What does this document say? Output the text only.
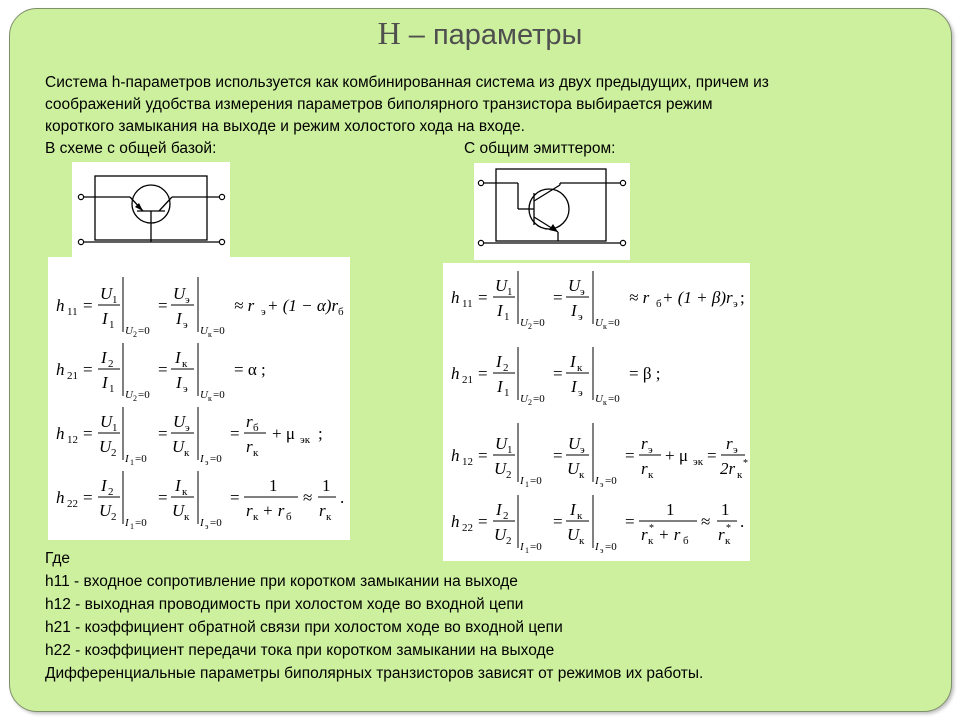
H – параметры
Система h-параметров используется как комбинированная система из двух предыдущих, причем из
соображений удобства измерения параметров биполярного транзистора выбирается режим
короткого замыкания на выходе и режим холостого хода на входе.
В схеме с общей базой:	С общим эмиттером:
h 11 =
U 1
I 1 U 2 =0
=
U э
I э U к =0
≈ r э + (1 − α)r б
h 21 =
I 2
I 1 U 2 =0
=
I к
I э U к =0
= α ;
h 12 =
U 1
U 2 I 1 =0
=
U э
U к I э =0
=
r б
r к
+ μ эк ;
h 22 =
I 2
U 2 I 1 =0
=
I к
U к I э =0
=
1
r к + r б
≈
1
r к
.
h 11 =
U 1
I 1 U 2 =0
=
U э
I э U к =0
≈ r б + (1 + β)r э ;
h 21 =
I 2
I 1 U 2 =0
=
I к
I э U к =0
= β ;
h 12 =
U 1
U 2 I 1 =0
=
U э
U к I э =0
=
r э
r к
+ μ эк =
r э
2r к
*
h 22 =
I 2
U 2 I 1 =0
=
I к
U к I э =0
=
1
r к
* + r б
≈
1
r к
* .
Где
h11 - входное сопротивление при коротком замыкании на выходе
h12 - выходная проводимость при холостом ходе во входной цепи
h21 - коэффициент обратной связи при холостом ходе во входной цепи
h22 - коэффициент передачи тока при коротком замыкании на выходе
Дифференциальные параметры биполярных транзисторов зависят от режимов их работы.
